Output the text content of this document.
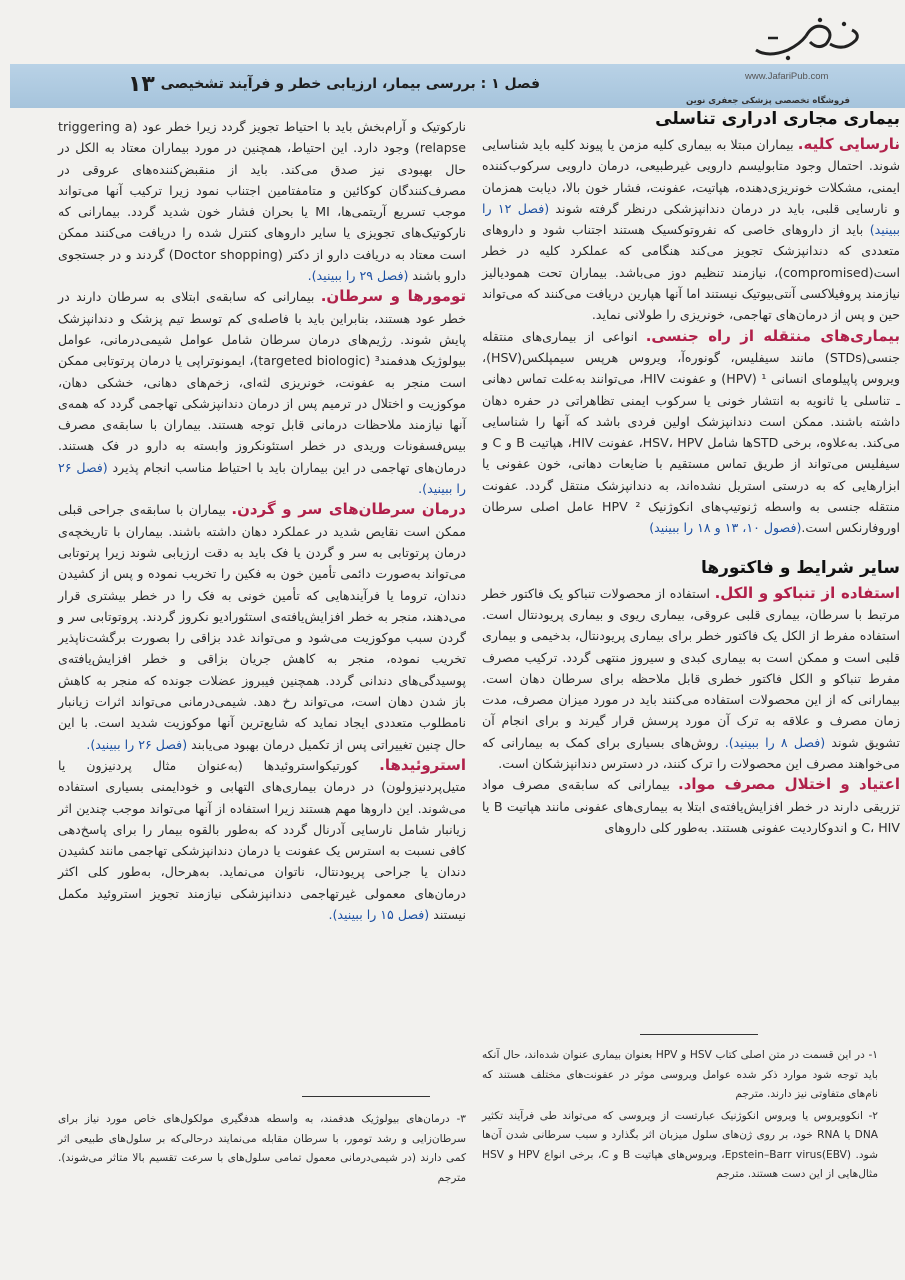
۱۳ فصل ۱ : بررسی بیمار، ارزیابی خطر و فرآیند تشخیصی	www.JafariPub.com
فروشگاه تخصصی پزشکی جعفری نوین
بیماری مجاری ادراری تناسلی

نارسایی کلیه. بیماران مبتلا به بیماری کلیه مزمن یا پیوند کلیه باید شناسایی شوند. احتمال وجود متابولیسم دارویی غیرطبیعی، درمان دارویی سرکوب‌کننده ایمنی، مشکلات خونریزی‌دهنده، هپاتیت، عفونت، فشار خون بالا، دیابت همزمان و نارسایی قلبی، باید در درمان دندانپزشکی درنظر گرفته شوند (فصل ۱۲ را ببینید) باید از داروهای خاصی که نفروتوکسیک هستند اجتناب شود و داروهای متعددی که دندانپزشک تجویز می‌کند هنگامی که عملکرد کلیه در خطر است(compromised)، نیازمند تنظیم دوز می‌باشد. بیماران تحت همودیالیز نیازمند پروفیلاکسی آنتی‌بیوتیک نیستند اما آنها هپارین دریافت می‌کنند که می‌تواند حین و پس از درمان‌های تهاجمی، خونریزی را طولانی نماید.

بیماری‌های منتقله از راه جنسی. انواعی از بیماری‌های منتقله جنسی(STDs) مانند سیفلیس، گونوره‌آ، ویروس هرپس سیمپلکس(HSV)، ویروس پاپیلومای انسانی ¹ (HPV) و عفونت HIV، می‌توانند به‌علت تماس دهانی ـ تناسلی یا ثانویه به انتشار خونی یا سرکوب ایمنی تظاهراتی در حفره دهان داشته باشند. ممکن است دندانپزشک اولین فردی باشد که آنها را شناسایی می‌کند. به‌علاوه، برخی STDها شامل HSV، HPV، عفونت HIV، هپاتیت B و C و سیفلیس می‌تواند از طریق تماس مستقیم با ضایعات دهانی، خون عفونی یا ابزارهایی که به درستی استریل نشده‌اند، به دندانپزشک منتقل گردد. عفونت منتقله جنسی به واسطه ژنوتیپ‌های انکوژنیک ² HPV عامل اصلی سرطان اوروفارنکس است.(فصول ۱۰، ۱۳ و ۱۸ را ببینید)

سایر شرایط و فاکتورها

استفاده از تنباکو و الکل. استفاده از محصولات تنباکو یک فاکتور خطر مرتبط با سرطان، بیماری قلبی عروقی، بیماری ریوی و بیماری پریودنتال است. استفاده مفرط از الکل یک فاکتور خطر برای بیماری پریودنتال، بدخیمی و بیماری قلبی است و ممکن است به بیماری کبدی و سیروز منتهی گردد. ترکیب مصرف مفرط تنباکو و الکل فاکتور خطری قابل ملاحظه برای سرطان دهان است. بیمارانی که از این محصولات استفاده می‌کنند باید در مورد میزان مصرف، مدت زمان مصرف و علاقه به ترک آن مورد پرسش قرار گیرند و برای انجام آن تشویق شوند (فصل ۸ را ببینید). روش‌های بسیاری برای کمک به بیمارانی که می‌خواهند مصرف این محصولات را ترک کنند، در دسترس دندانپزشکان است.

اعتیاد و اختلال مصرف مواد. بیمارانی که سابقه‌ی مصرف مواد تزریقی دارند در خطر افزایش‌یافته‌ی ابتلا به بیماری‌های عفونی مانند هپاتیت B یا C، HIV و اندوکاردیت عفونی هستند. به‌طور کلی داروهای

۱- در این قسمت در متن اصلی کتاب HSV و HPV بعنوان بیماری عنوان شده‌اند، حال آنکه باید توجه شود موارد ذکر شده عوامل ویروسی موثر در عفونت‌های مختلف هستند که نام‌های متفاوتی نیز دارند. مترجم

۲- انکوویروس یا ویروس انکوژنیک عبارتست از ویروسی که می‌تواند طی فرآیند تکثیر DNA یا RNA خود، بر روی ژن‌های سلول میزبان اثر بگذارد و سبب سرطانی شدن آن‌ها شود. (EBV)Epstein–Barr virus، ویروس‌های هپاتیت B و C، برخی انواع HPV و HSV مثال‌هایی از این دست هستند. مترجم

نارکوتیک و آرام‌بخش باید با احتیاط تجویز گردد زیرا خطر عود (triggering a relapse) وجود دارد. این احتیاط، همچنین در مورد بیماران معتاد به الکل در حال بهبودی نیز صدق می‌کند. باید از منقبض‌کننده‌های عروقی در مصرف‌کنندگان کوکائین و متامفتامین اجتناب نمود زیرا ترکیب آنها می‌تواند موجب تسریع آریتمی‌ها، MI یا بحران فشار خون شدید گردد. بیمارانی که نارکوتیک‌های تجویزی یا سایر داروهای کنترل شده را دریافت می‌کنند ممکن است معتاد به دریافت دارو از دکتر (Doctor shopping) گردند و در جستجوی دارو باشند (فصل ۲۹ را ببینید).

تومورها و سرطان. بیمارانی که سابقه‌ی ابتلای به سرطان دارند در خطر عود هستند، بنابراین باید با فاصله‌ی کم توسط تیم پزشک و دندانپزشک پایش شوند. رژیم‌های درمان سرطان شامل عوامل شیمی‌درمانی، عوامل بیولوژیک هدفمند³ (targeted biologic)، ایمونوتراپی یا درمان پرتوتابی ممکن است منجر به عفونت، خونریزی لثه‌ای، زخم‌های دهانی، خشکی دهان، موکوزیت و اختلال در ترمیم پس از درمان دندانپزشکی تهاجمی گردد که همه‌ی آنها نیازمند ملاحظات درمانی قابل توجه هستند. بیماران با سابقه‌ی مصرف بیس‌فسفونات وریدی در خطر استئونکروز وابسته به دارو در فک هستند. درمان‌های تهاجمی در این بیماران باید با احتیاط مناسب انجام پذیرد (فصل ۲۶ را ببینید).

درمان سرطان‌های سر و گردن. بیماران با سابقه‌ی جراحی قبلی ممکن است نقایص شدید در عملکرد دهان داشته باشند. بیماران با تاریخچه‌ی درمان پرتوتابی به سر و گردن یا فک باید به دقت ارزیابی شوند زیرا پرتوتابی می‌تواند به‌صورت دائمی تأمین خون به فکین را تخریب نموده و پس از کشیدن دندان، تروما یا فرآیندهایی که تأمین خونی به فک را در خطر بیشتری قرار می‌دهند، منجر به خطر افزایش‌یافته‌ی استئورادیو نکروز گردند. پروتوتابی سر و گردن سبب موکوزیت می‌شود و می‌تواند غدد بزاقی را بصورت برگشت‌ناپذیر تخریب نموده، منجر به کاهش جریان بزاقی و خطر افزایش‌یافته‌ی پوسیدگی‌های دندانی گردد. همچنین فیبروز عضلات جونده که منجر به کاهش باز شدن دهان است، می‌تواند رخ دهد. شیمی‌درمانی می‌تواند اثرات زیانبار نامطلوب متعددی ایجاد نماید که شایع‌ترین آنها موکوزیت شدید است. با این حال چنین تغییراتی پس از تکمیل درمان بهبود می‌یابند (فصل ۲۶ را ببینید).

استروئیدها. کورتیکواستروئیدها (به‌عنوان مثال پردنیزون یا متیل‌پردنیزولون) در درمان بیماری‌های التهابی و خودایمنی بسیاری استفاده می‌شوند. این داروها مهم هستند زیرا استفاده از آنها می‌تواند موجب چندین اثر زیانبار شامل نارسایی آدرنال گردد که به‌طور بالقوه بیمار را برای پاسخ‌دهی کافی نسبت به استرس یک عفونت یا درمان دندانپزشکی تهاجمی مانند کشیدن دندان یا جراحی پریودنتال، ناتوان می‌نماید. به‌هرحال، به‌طور کلی اکثر درمان‌های معمولی غیرتهاجمی دندانپزشکی نیازمند تجویز استروئید مکمل نیستند (فصل ۱۵ را ببینید).

۳- درمان‌های بیولوژیک هدفمند، به واسطه هدفگیری مولکول‌های خاص مورد نیاز برای سرطان‌زایی و رشد تومور، با سرطان مقابله می‌نمایند درحالی‌که بر سلول‌های طبیعی اثر کمی دارند (در شیمی‌درمانی معمول تمامی سلول‌های با سرعت تقسیم بالا متاثر می‌شوند). مترجم
